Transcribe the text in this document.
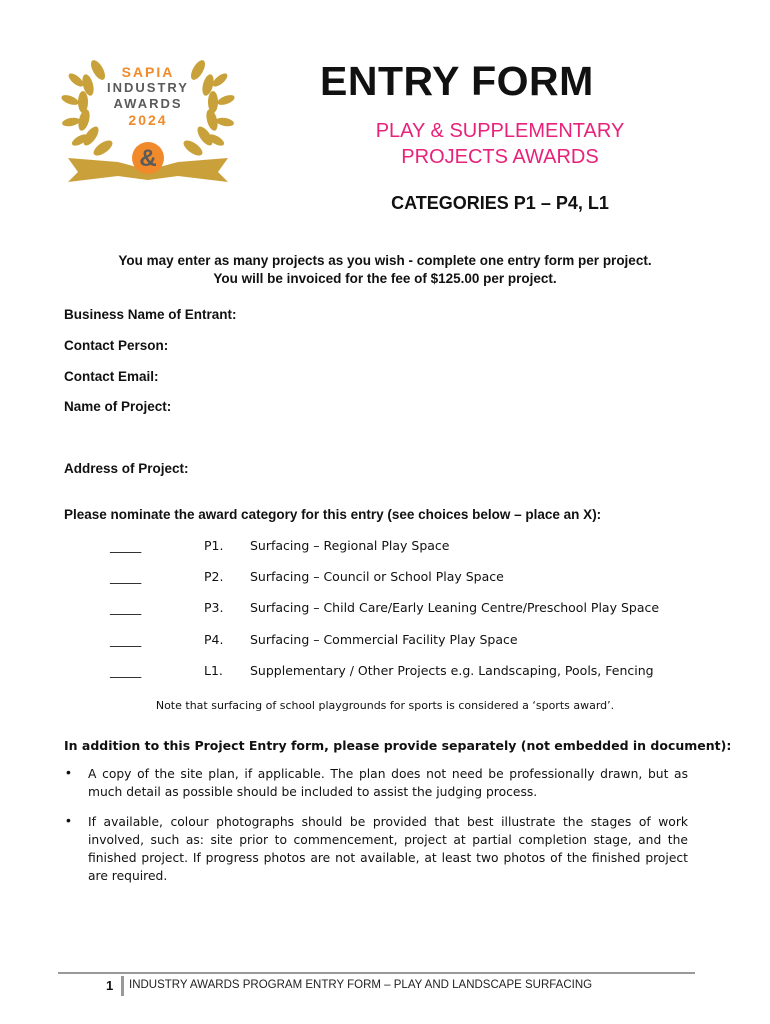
&
SAPIA
INDUSTRY
AWARDS
2024
ENTRY FORM
PLAY & SUPPLEMENTARY
PROJECTS AWARDS
CATEGORIES P1 – P4, L1
You may enter as many projects as you wish - complete one entry form per project.
You will be invoiced for the fee of $125.00 per project.
Business Name of Entrant:
Contact Person:
Contact Email:
Name of Project:
Address of Project:
Please nominate the award category for this entry (see choices below – place an X):
_____	P1. Surfacing – Regional Play Space
_____	P2. Surfacing – Council or School Play Space
_____	P3. Surfacing – Child Care/Early Leaning Centre/Preschool Play Space
_____	P4. Surfacing – Commercial Facility Play Space
_____	L1. Supplementary / Other Projects e.g. Landscaping, Pools, Fencing
Note that surfacing of school playgrounds for sports is considered a ‘sports award’.
In addition to this Project Entry form, please provide separately (not embedded in document):
• A copy of the site plan, if applicable. The plan does not need be professionally drawn, but as much detail as possible should be included to assist the judging process.
• If available, colour photographs should be provided that best illustrate the stages of work involved, such as: site prior to commencement, project at partial completion stage, and the finished project. If progress photos are not available, at least two photos of the finished project are required.
1 INDUSTRY AWARDS PROGRAM ENTRY FORM – PLAY AND LANDSCAPE SURFACING
